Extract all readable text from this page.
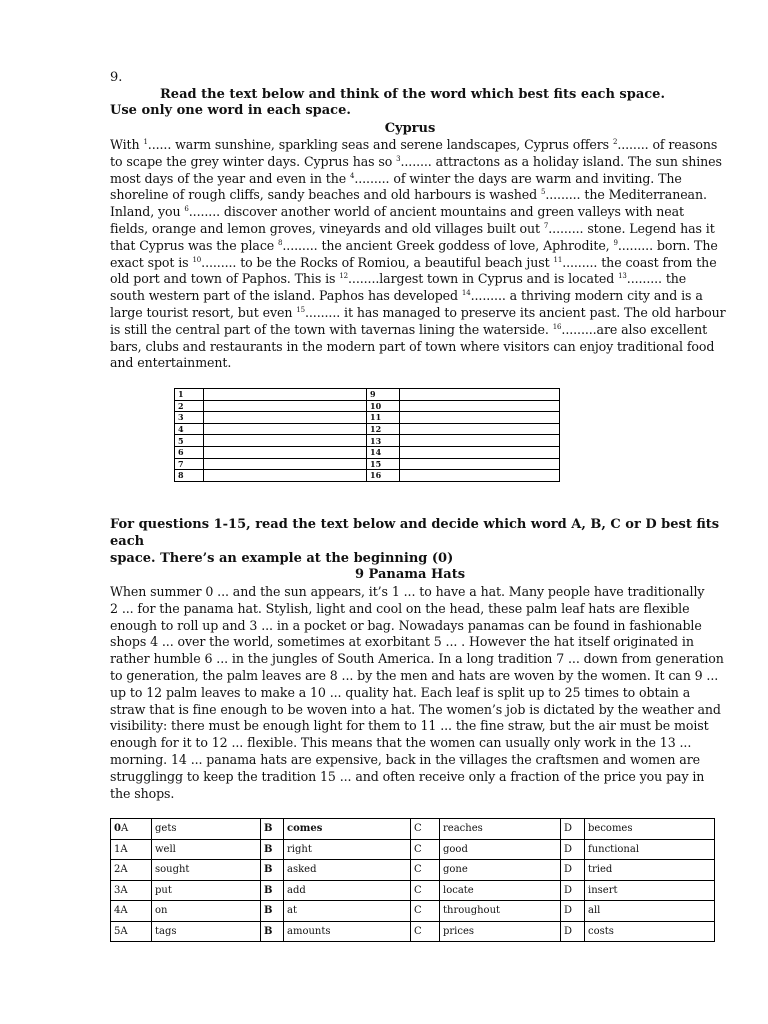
9.
Read the text below and think of the word which best fits each space.
Use only one word in each space.
Cyprus
With $^1$...... warm sunshine, sparkling seas and serene landscapes, Cyprus offers $^2$........ of reasons
to scape the grey winter days. Cyprus has so $^3$........ attractons as a holiday island. The sun shines
most days of the year and even in the $^4$......... of winter the days are warm and inviting. The
shoreline of rough cliffs, sandy beaches and old harbours is washed $^5$......... the Mediterranean.
Inland, you $^6$........ discover another world of ancient mountains and green valleys with neat
fields, orange and lemon groves, vineyards and old villages built out $^7$......... stone. Legend has it
that Cyprus was the place $^8$......... the ancient Greek goddess of love, Aphrodite, $^9$......... born. The
exact spot is $^{10}$......... to be the Rocks of Romiou, a beautiful beach just $^{11}$......... the coast from the
old port and town of Paphos. This is $^{12}$........largest town in Cyprus and is located $^{13}$......... the
south western part of the island. Paphos has developed $^{14}$......... a thriving modern city and is a
large tourist resort, but even $^{15}$......... it has managed to preserve its ancient past. The old harbour
is still the central part of the town with tavernas lining the waterside. $^{16}$.........are also excellent
bars, clubs and restaurants in the modern part of town where visitors can enjoy traditional food
and entertainment.
1		9	
2		10	
3		11	
4		12	
5		13	
6		14	
7		15	
8		16	
For questions 1-15, read the text below and decide which word A, B, C or D best fits each
space. There’s an example at the beginning (0)
9 Panama Hats
When summer 0 ... and the sun appears, it’s 1 ... to have a hat. Many people have traditionally
2 ... for the panama hat. Stylish, light and cool on the head, these palm leaf hats are flexible
enough to roll up and 3 ... in a pocket or bag. Nowadays panamas can be found in fashionable
shops 4 ... over the world, sometimes at exorbitant 5 ... . However the hat itself originated in
rather humble 6 ... in the jungles of South America. In a long tradition 7 ... down from generation
to generation, the palm leaves are 8 ... by the men and hats are woven by the women. It can 9 ...
up to 12 palm leaves to make a 10 ... quality hat. Each leaf is split up to 25 times to obtain a
straw that is fine enough to be woven into a hat. The women’s job is dictated by the weather and
visibility: there must be enough light for them to 11 ... the fine straw, but the air must be moist
enough for it to 12 ... flexible. This means that the women can usually only work in the 13 ...
morning. 14 ... panama hats are expensive, back in the villages the craftsmen and women are
strugglingg to keep the tradition 15 ... and often receive only a fraction of the price you pay in
the shops.
0A	gets	B	comes	C	reaches	D	becomes
1A	well	B	right	C	good	D	functional
2A	sought	B	asked	C	gone	D	tried
3A	put	B	add	C	locate	D	insert
4A	on	B	at	C	throughout	D	all
5A	tags	B	amounts	C	prices	D	costs
